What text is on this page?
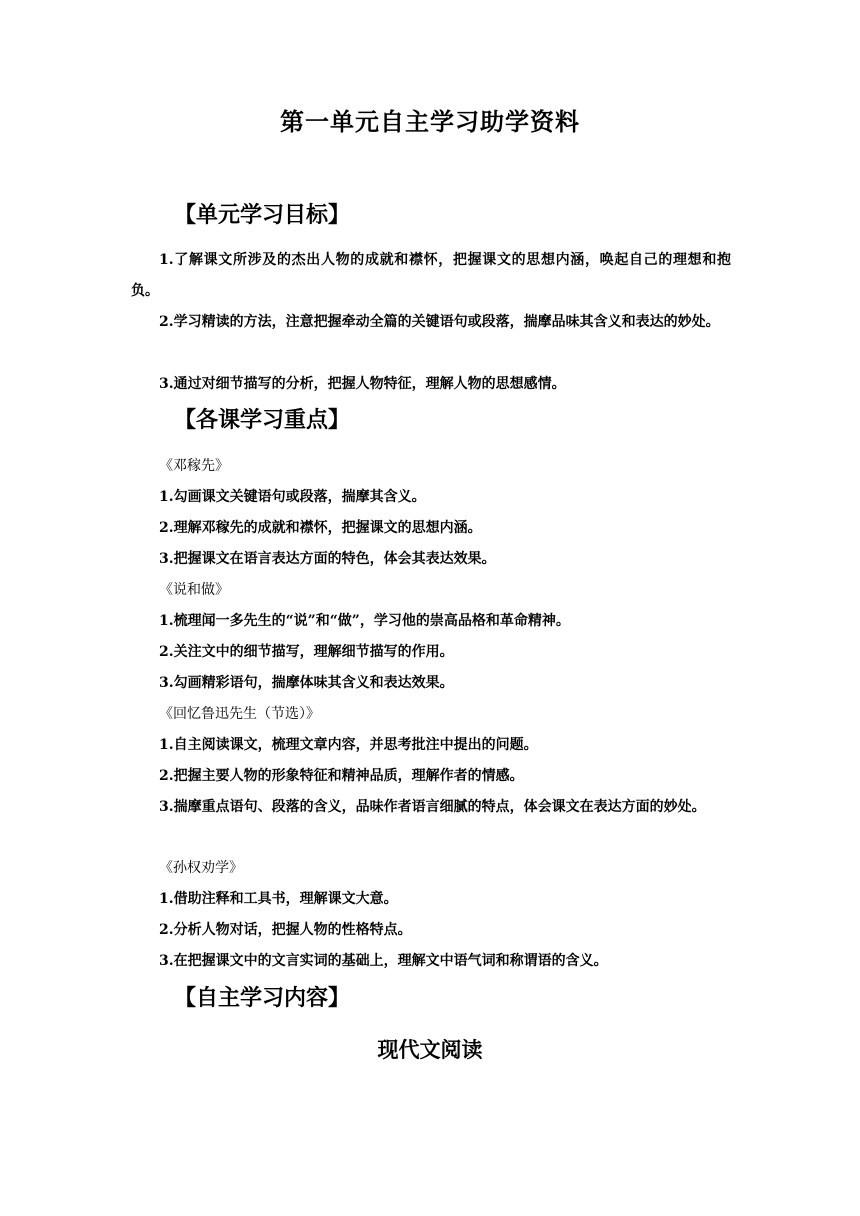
第一单元自主学习助学资料
【单元学习目标】
1.了解课文所涉及的杰出人物的成就和襟怀，把握课文的思想内涵，唤起自己的理想和抱负。
2.学习精读的方法，注意把握牵动全篇的关键语句或段落，揣摩品味其含义和表达的妙处。
3.通过对细节描写的分析，把握人物特征，理解人物的思想感情。
【各课学习重点】
《邓稼先》
1.勾画课文关键语句或段落，揣摩其含义。
2.理解邓稼先的成就和襟怀，把握课文的思想内涵。
3.把握课文在语言表达方面的特色，体会其表达效果。
《说和做》
1.梳理闻一多先生的“说”和“做”，学习他的崇高品格和革命精神。
2.关注文中的细节描写，理解细节描写的作用。
3.勾画精彩语句，揣摩体味其含义和表达效果。
《回忆鲁迅先生（节选）》
1.自主阅读课文，梳理文章内容，并思考批注中提出的问题。
2.把握主要人物的形象特征和精神品质，理解作者的情感。
3.揣摩重点语句、段落的含义，品味作者语言细腻的特点，体会课文在表达方面的妙处。
《孙权劝学》
1.借助注释和工具书，理解课文大意。
2.分析人物对话，把握人物的性格特点。
3.在把握课文中的文言实词的基础上，理解文中语气词和称谓语的含义。
【自主学习内容】
现代文阅读
